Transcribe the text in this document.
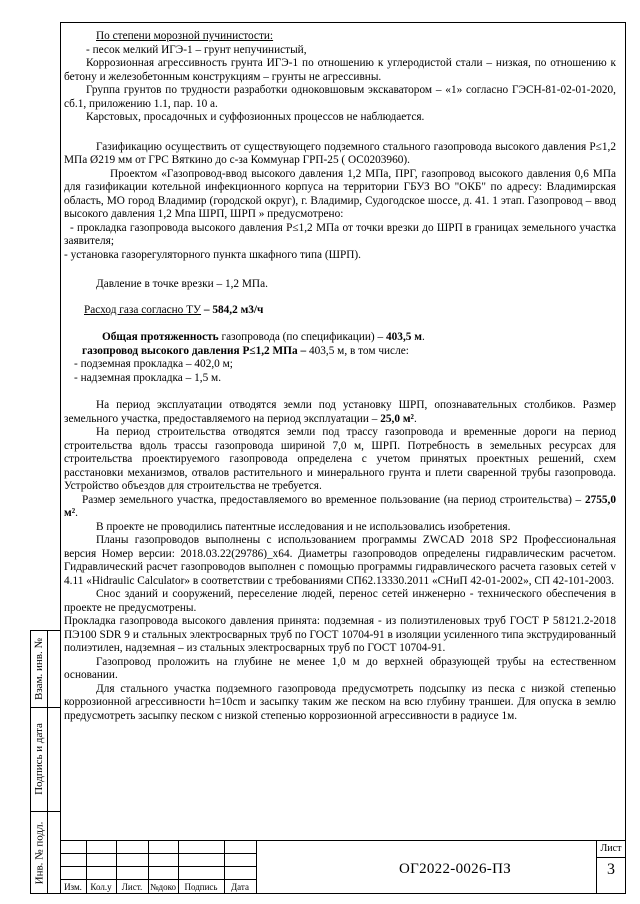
По степени морозной пучинистости:

- песок мелкий ИГЭ-1 – грунт непучинистый,

Коррозионная агрессивность грунта ИГЭ-1 по отношению к углеродистой стали – низкая, по отношению к бетону и железобетонным конструкциям – грунты не агрессивны.

Группа грунтов по трудности разработки одноковшовым экскаватором – «1» согласно ГЭСН-81-02-01-2020, сб.1, приложению 1.1, пар. 10 а.

Карстовых, просадочных и суффозионных процессов не наблюдается.

Газификацию осуществить от существующего подземного стального газопровода высокого давления Р≤1,2 МПа Ø219 мм от ГРС Вяткино до с-за Коммунар ГРП-25 ( ОС0203960).

Проектом «Газопровод-ввод высокого давления 1,2 МПа, ПРГ, газопровод высокого давления 0,6 МПа для газификации котельной инфекционного корпуса на территории ГБУЗ ВО "ОКБ" по адресу: Владимирская область, МО город Владимир (городской округ), г. Владимир, Судогодское шоссе, д. 41. 1 этап. Газопровод – ввод высокого давления 1,2 Мпа ШРП, ШРП » предусмотрено:

- прокладка газопровода высокого давления Р≤1,2 МПа от точки врезки до ШРП в границах земельного участка заявителя;

- установка газорегуляторного пункта шкафного типа (ШРП).

Давление в точке врезки – 1,2 МПа.

Расход газа согласно ТУ – 584,2 м3/ч

Общая протяженность газопровода (по спецификации) – 403,5 м.

газопровод высокого давления Р≤1,2 МПа – 403,5 м, в том числе:

- подземная прокладка – 402,0 м;

- надземная прокладка – 1,5 м.

На период эксплуатации отводятся земли под установку ШРП, опознавательных столбиков. Размер земельного участка, предоставляемого на период эксплуатации – 25,0 м².

На период строительства отводятся земли под трассу газопровода и временные дороги на период строительства вдоль трассы газопровода шириной 7,0 м, ШРП. Потребность в земельных ресурсах для строительства проектируемого газопровода определена с учетом принятых проектных решений, схем расстановки механизмов, отвалов растительного и минерального грунта и плети сваренной трубы газопровода. Устройство объездов для строительства не требуется.

Размер земельного участка, предоставляемого во временное пользование (на период строительства) – 2755,0 м².

В проекте не проводились патентные исследования и не использовались изобретения.

Планы газопроводов выполнены с использованием программы ZWCAD 2018 SP2 Профессиональная версия Номер версии: 2018.03.22(29786)_x64. Диаметры газопроводов определены гидравлическим расчетом. Гидравлический расчет газопроводов выполнен с помощью программы гидравлического расчета газовых сетей v 4.11 «Hidraulic Calculator» в соответствии с требованиями СП62.13330.2011 «СНиП 42-01-2002», СП 42-101-2003.

Снос зданий и сооружений, переселение людей, перенос сетей инженерно - технического обеспечения в проекте не предусмотрены.

Прокладка газопровода высокого давления принята: подземная - из полиэтиленовых труб ГОСТ Р 58121.2-2018 ПЭ100 SDR 9 и стальных электросварных труб по ГОСТ 10704-91 в изоляции усиленного типа экструдированный полиэтилен, надземная – из стальных электросварных труб по ГОСТ 10704-91.

Газопровод проложить на глубине не менее 1,0 м до верхней образующей трубы на естественном основании.

Для стального участка подземного газопровода предусмотреть подсыпку из песка с низкой степенью коррозионной агрессивности h=10cm и засыпку таким же песком на всю глубину траншеи. Для опуска в землю предусмотреть засыпку песком с низкой степенью коррозионной агрессивности в радиусе 1м.

Взам. инв. №
Подпись и дата
Инв. № подл.
Изм. Кол.у	Лист. №доко Подпись	Дата
ОГ2022-0026-ПЗ
Лист
3
